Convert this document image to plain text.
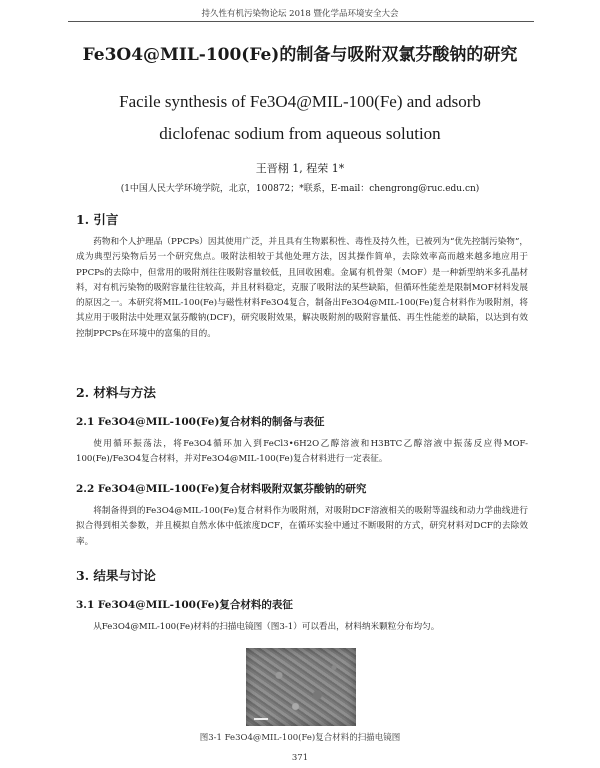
持久性有机污染物论坛 2018 暨化学品环境安全大会
Fe3O4@MIL-100(Fe)的制备与吸附双氯芬酸钠的研究
Facile synthesis of Fe3O4@MIL-100(Fe) and adsorb
diclofenac sodium from aqueous solution
王晋栩 1, 程荣 1*
(1中国人民大学环境学院，北京，100872；*联系，E-mail：chengrong@ruc.edu.cn)
1. 引言
药物和个人护理品（PPCPs）因其使用广泛，并且具有生物累积性、毒性及持久性，已被列为“优先控制污染物”，成为典型污染物后另一个研究焦点。吸附法相较于其他处理方法，因其操作简单，去除效率高而越来越多地应用于PPCPs的去除中，但常用的吸附剂往往吸附容量较低，且回收困难。金属有机骨架（MOF）是一种新型纳米多孔晶材料，对有机污染物的吸附容量往往较高，并且材料稳定，克服了吸附法的某些缺陷，但循环性能差是限制MOF材料发展的原因之一。本研究将MIL-100(Fe)与磁性材料Fe3O4复合，制备出Fe3O4@MIL-100(Fe)复合材料作为吸附剂，将其应用于吸附法中处理双氯芬酸钠(DCF)，研究吸附效果，解决吸附剂的吸附容量低、再生性能差的缺陷，以达到有效控制PPCPs在环境中的富集的目的。
2. 材料与方法
2.1 Fe3O4@MIL-100(Fe)复合材料的制备与表征
使用循环振荡法，将Fe3O4循环加入到FeCl3•6H2O乙醇溶液和H3BTC乙醇溶液中振荡反应得MOF-100(Fe)/Fe3O4复合材料，并对Fe3O4@MIL-100(Fe)复合材料进行一定表征。
2.2 Fe3O4@MIL-100(Fe)复合材料吸附双氯芬酸钠的研究
将制备得到的Fe3O4@MIL-100(Fe)复合材料作为吸附剂，对吸附DCF溶液相关的吸附等温线和动力学曲线进行拟合得到相关参数，并且模拟自然水体中低浓度DCF，在循环实验中通过不断吸附的方式，研究材料对DCF的去除效率。
3. 结果与讨论
3.1 Fe3O4@MIL-100(Fe)复合材料的表征
从Fe3O4@MIL-100(Fe)材料的扫描电镜图（图3-1）可以看出，材料纳米颗粒分布均匀。
图3-1 Fe3O4@MIL-100(Fe)复合材料的扫描电镜图
371
